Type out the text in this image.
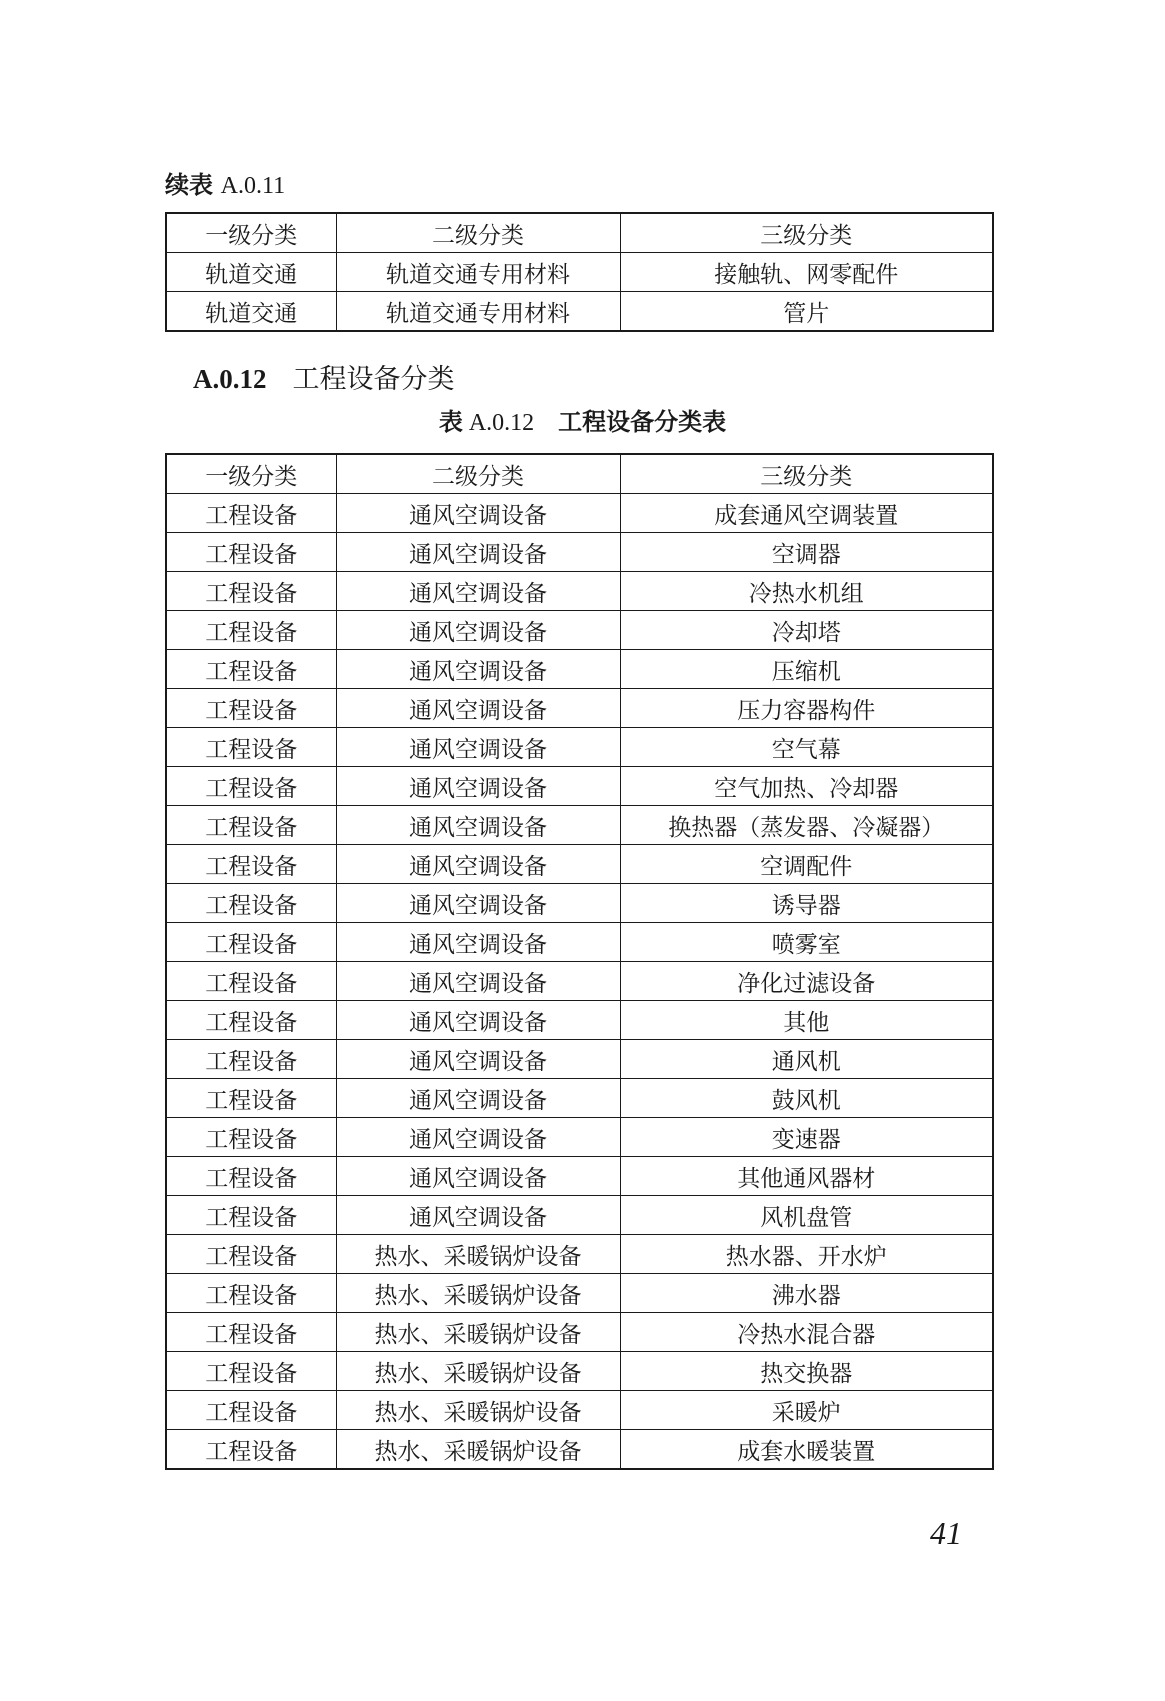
续表 A.0.11
一级分类	二级分类	三级分类
轨道交通	轨道交通专用材料	接触轨、网零配件
轨道交通	轨道交通专用材料	管片
A.0.12 工程设备分类
表 A.0.12 工程设备分类表
一级分类	二级分类	三级分类
工程设备	通风空调设备	成套通风空调装置
工程设备	通风空调设备	空调器
工程设备	通风空调设备	冷热水机组
工程设备	通风空调设备	冷却塔
工程设备	通风空调设备	压缩机
工程设备	通风空调设备	压力容器构件
工程设备	通风空调设备	空气幕
工程设备	通风空调设备	空气加热、冷却器
工程设备	通风空调设备	换热器（蒸发器、冷凝器）
工程设备	通风空调设备	空调配件
工程设备	通风空调设备	诱导器
工程设备	通风空调设备	喷雾室
工程设备	通风空调设备	净化过滤设备
工程设备	通风空调设备	其他
工程设备	通风空调设备	通风机
工程设备	通风空调设备	鼓风机
工程设备	通风空调设备	变速器
工程设备	通风空调设备	其他通风器材
工程设备	通风空调设备	风机盘管
工程设备	热水、采暖锅炉设备	热水器、开水炉
工程设备	热水、采暖锅炉设备	沸水器
工程设备	热水、采暖锅炉设备	冷热水混合器
工程设备	热水、采暖锅炉设备	热交换器
工程设备	热水、采暖锅炉设备	采暖炉
工程设备	热水、采暖锅炉设备	成套水暖装置
41
